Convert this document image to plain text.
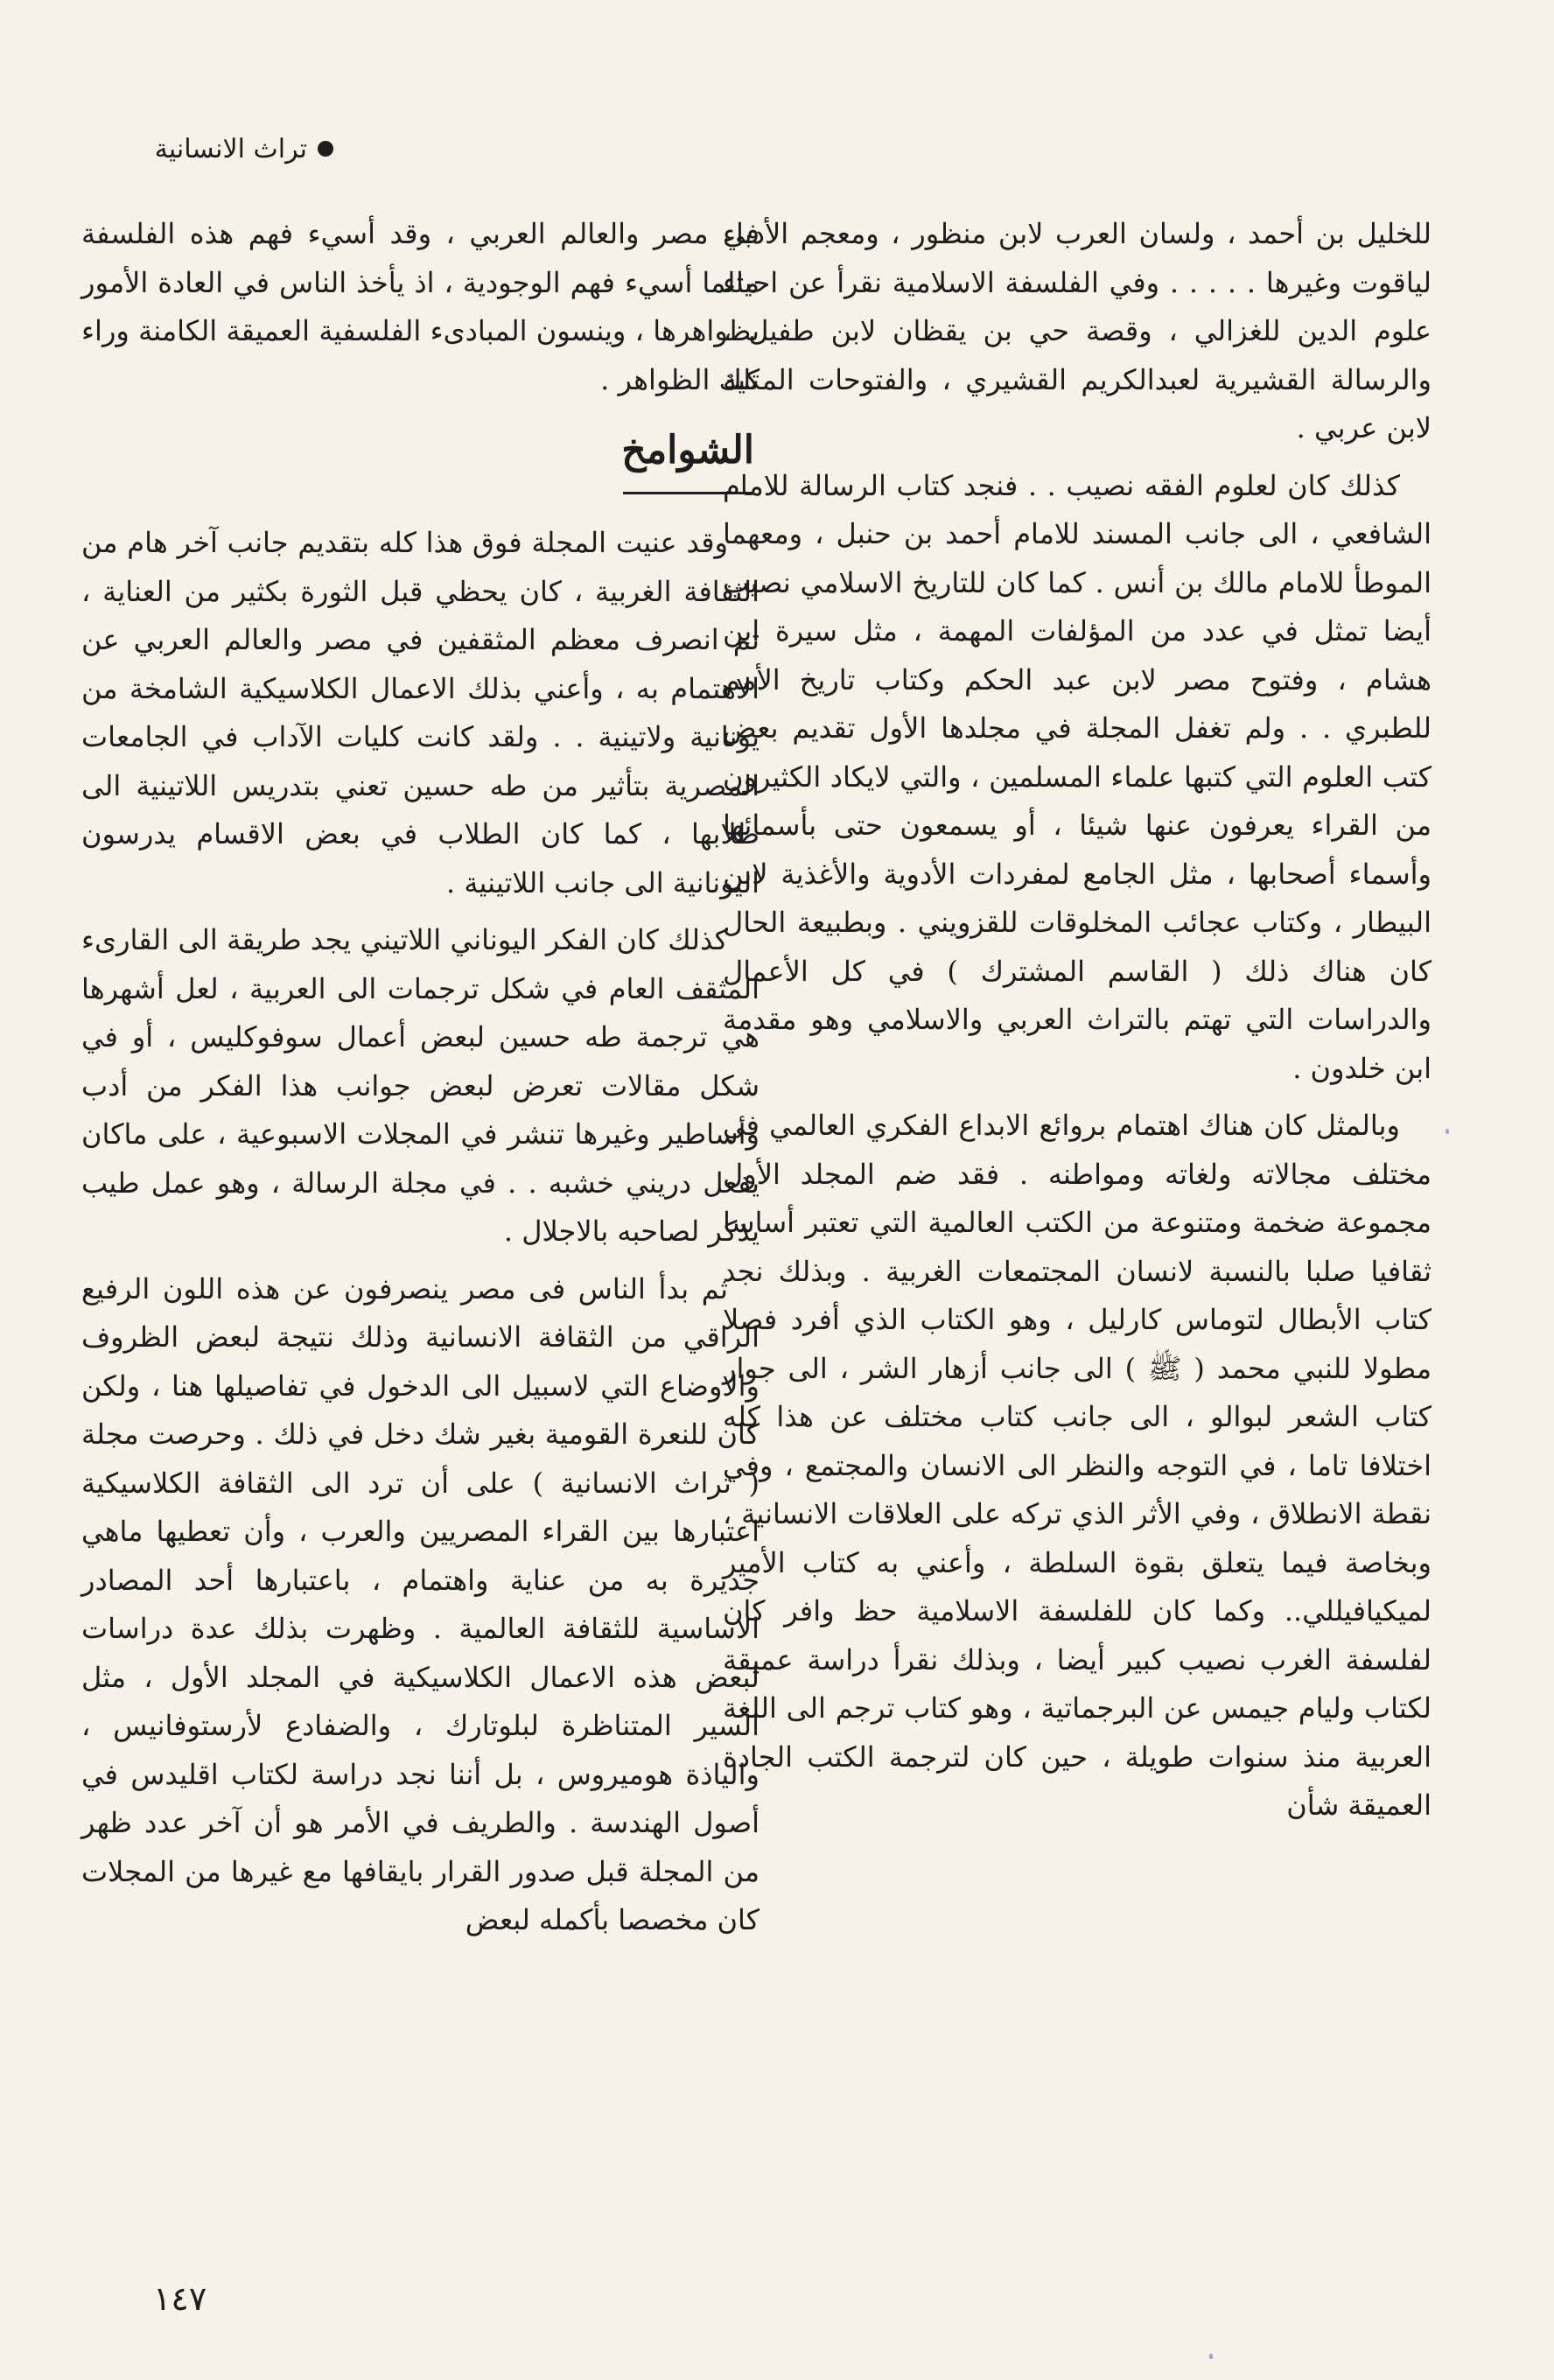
تراث الانسانية

للخليل بن أحمد ، ولسان العرب لابن منظور ، ومعجم الأدباء لياقوت وغيرها . . . . . وفي الفلسفة الاسلامية نقرأ عن احياء علوم الدين للغزالي ، وقصة حي بن يقظان لابن طفيل ، والرسالة القشيرية لعبدالكريم القشيري ، والفتوحات المكية لابن عربي .

كذلك كان لعلوم الفقه نصيب . . فنجد كتاب الرسالة للامام الشافعي ، الى جانب المسند للامام أحمد بن حنبل ، ومعهما الموطأ للامام مالك بن أنس . كما كان للتاريخ الاسلامي نصيب أيضا تمثل في عدد من المؤلفات المهمة ، مثل سيرة ابن هشام ، وفتوح مصر لابن عبد الحكم وكتاب تاريخ الأمم للطبري . . ولم تغفل المجلة في مجلدها الأول تقديم بعض كتب العلوم التي كتبها علماء المسلمين ، والتي لايكاد الكثيرون من القراء يعرفون عنها شيئا ، أو يسمعون حتى بأسمائها وأسماء أصحابها ، مثل الجامع لمفردات الأدوية والأغذية لابن البيطار ، وكتاب عجائب المخلوقات للقزويني . وبطبيعة الحال كان هناك ذلك ( القاسم المشترك ) في كل الأعمال والدراسات التي تهتم بالتراث العربي والاسلامي وهو مقدمة ابن خلدون .

وبالمثل كان هناك اهتمام بروائع الابداع الفكري العالمي في مختلف مجالاته ولغاته ومواطنه . فقد ضم المجلد الأول مجموعة ضخمة ومتنوعة من الكتب العالمية التي تعتبر أساسا ثقافيا صلبا بالنسبة لانسان المجتمعات الغربية . وبذلك نجد كتاب الأبطال لتوماس كارليل ، وهو الكتاب الذي أفرد فصلا مطولا للنبي محمد ( ﷺ ) الى جانب أزهار الشر ، الى جوار كتاب الشعر لبوالو ، الى جانب كتاب مختلف عن هذا كله اختلافا تاما ، في التوجه والنظر الى الانسان والمجتمع ، وفي نقطة الانطلاق ، وفي الأثر الذي تركه على العلاقات الانسانية ، وبخاصة فيما يتعلق بقوة السلطة ، وأعني به كتاب الأمير لميكيافيللي.. وكما كان للفلسفة الاسلامية حظ وافر كان لفلسفة الغرب نصيب كبير أيضا ، وبذلك نقرأ دراسة عميقة لكتاب وليام جيمس عن البرجماتية ، وهو كتاب ترجم الى اللغة العربية منذ سنوات طويلة ، حين كان لترجمة الكتب الجادة العميقة شأن

في مصر والعالم العربي ، وقد أسيء فهم هذه الفلسفة مثلما أسيء فهم الوجودية ، اذ يأخذ الناس في العادة الأمور بظواهرها ، وينسون المبادىء الفلسفية العميقة الكامنة وراء تلك الظواهر .

الشوامخ

وقد عنيت المجلة فوق هذا كله بتقديم جانب آخر هام من الثقافة الغربية ، كان يحظي قبل الثورة بكثير من العناية ، ثم انصرف معظم المثقفين في مصر والعالم العربي عن الاهتمام به ، وأعني بذلك الاعمال الكلاسيكية الشامخة من يونانية ولاتينية . . ولقد كانت كليات الآداب في الجامعات المصرية بتأثير من طه حسين تعني بتدريس اللاتينية الى طلابها ، كما كان الطلاب في بعض الاقسام يدرسون اليونانية الى جانب اللاتينية .

كذلك كان الفكر اليوناني اللاتيني يجد طريقة الى القارىء المثقف العام في شكل ترجمات الى العربية ، لعل أشهرها هي ترجمة طه حسين لبعض أعمال سوفوكليس ، أو في شكل مقالات تعرض لبعض جوانب هذا الفكر من أدب وأساطير وغيرها تنشر في المجلات الاسبوعية ، على ماكان يفعل دريني خشبه . . في مجلة الرسالة ، وهو عمل طيب يذكر لصاحبه بالاجلال .

ثم بدأ الناس فى مصر ينصرفون عن هذه اللون الرفيع الراقي من الثقافة الانسانية وذلك نتيجة لبعض الظروف والاوضاع التي لاسبيل الى الدخول في تفاصيلها هنا ، ولكن كان للنعرة القومية بغير شك دخل في ذلك . وحرصت مجلة ( تراث الانسانية ) على أن ترد الى الثقافة الكلاسيكية اعتبارها بين القراء المصريين والعرب ، وأن تعطيها ماهي جديرة به من عناية واهتمام ، باعتبارها أحد المصادر الاساسية للثقافة العالمية . وظهرت بذلك عدة دراسات لبعض هذه الاعمال الكلاسيكية في المجلد الأول ، مثل السير المتناظرة لبلوتارك ، والضفادع لأرستوفانيس ، والياذة هوميروس ، بل أننا نجد دراسة لكتاب اقليدس في أصول الهندسة . والطريف في الأمر هو أن آخر عدد ظهر من المجلة قبل صدور القرار بايقافها مع غيرها من المجلات كان مخصصا بأكمله لبعض

١٤٧
